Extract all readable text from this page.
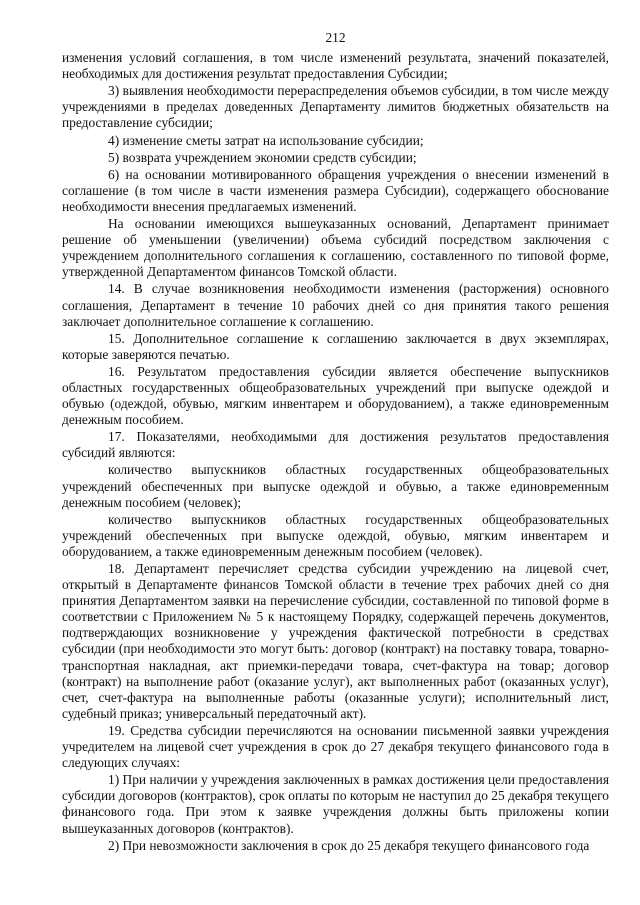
212

изменения условий соглашения, в том числе изменений результата, значений показателей, необходимых для достижения результат предоставления Субсидии;

3) выявления необходимости перераспределения объемов субсидии, в том числе между учреждениями в пределах доведенных Департаменту лимитов бюджетных обязательств на предоставление субсидии;

4) изменение сметы затрат на использование субсидии;

5) возврата учреждением экономии средств субсидии;

6) на основании мотивированного обращения учреждения о внесении изменений в соглашение (в том числе в части изменения размера Субсидии), содержащего обоснование необходимости внесения предлагаемых изменений.

На основании имеющихся вышеуказанных оснований, Департамент принимает решение об уменьшении (увеличении) объема субсидий посредством заключения с учреждением дополнительного соглашения к соглашению, составленного по типовой форме, утвержденной Департаментом финансов Томской области.

14. В случае возникновения необходимости изменения (расторжения) основного соглашения, Департамент в течение 10 рабочих дней со дня принятия такого решения заключает дополнительное соглашение к соглашению.

15. Дополнительное соглашение к соглашению заключается в двух экземплярах, которые заверяются печатью.

16. Результатом предоставления субсидии является обеспечение выпускников областных государственных общеобразовательных учреждений при выпуске одеждой и обувью (одеждой, обувью, мягким инвентарем и оборудованием), а также единовременным денежным пособием.

17. Показателями, необходимыми для достижения результатов предоставления субсидий являются:

количество выпускников областных государственных общеобразовательных учреждений обеспеченных при выпуске одеждой и обувью, а также единовременным денежным пособием (человек);

количество выпускников областных государственных общеобразовательных учреждений обеспеченных при выпуске одеждой, обувью, мягким инвентарем и оборудованием, а также единовременным денежным пособием (человек).

18. Департамент перечисляет средства субсидии учреждению на лицевой счет, открытый в Департаменте финансов Томской области в течение трех рабочих дней со дня принятия Департаментом заявки на перечисление субсидии, составленной по типовой форме в соответствии с Приложением № 5 к настоящему Порядку, содержащей перечень документов, подтверждающих возникновение у учреждения фактической потребности в средствах субсидии (при необходимости это могут быть: договор (контракт) на поставку товара, товарно-транспортная накладная, акт приемки-передачи товара, счет-фактура на товар; договор (контракт) на выполнение работ (оказание услуг), акт выполненных работ (оказанных услуг), счет, счет-фактура на выполненные работы (оказанные услуги); исполнительный лист, судебный приказ; универсальный передаточный акт).

19. Средства субсидии перечисляются на основании письменной заявки учреждения учредителем на лицевой счет учреждения в срок до 27 декабря текущего финансового года в следующих случаях:

1) При наличии у учреждения заключенных в рамках достижения цели предоставления субсидии договоров (контрактов), срок оплаты по которым не наступил до 25 декабря текущего финансового года. При этом к заявке учреждения должны быть приложены копии вышеуказанных договоров (контрактов).

2) При невозможности заключения в срок до 25 декабря текущего финансового года
